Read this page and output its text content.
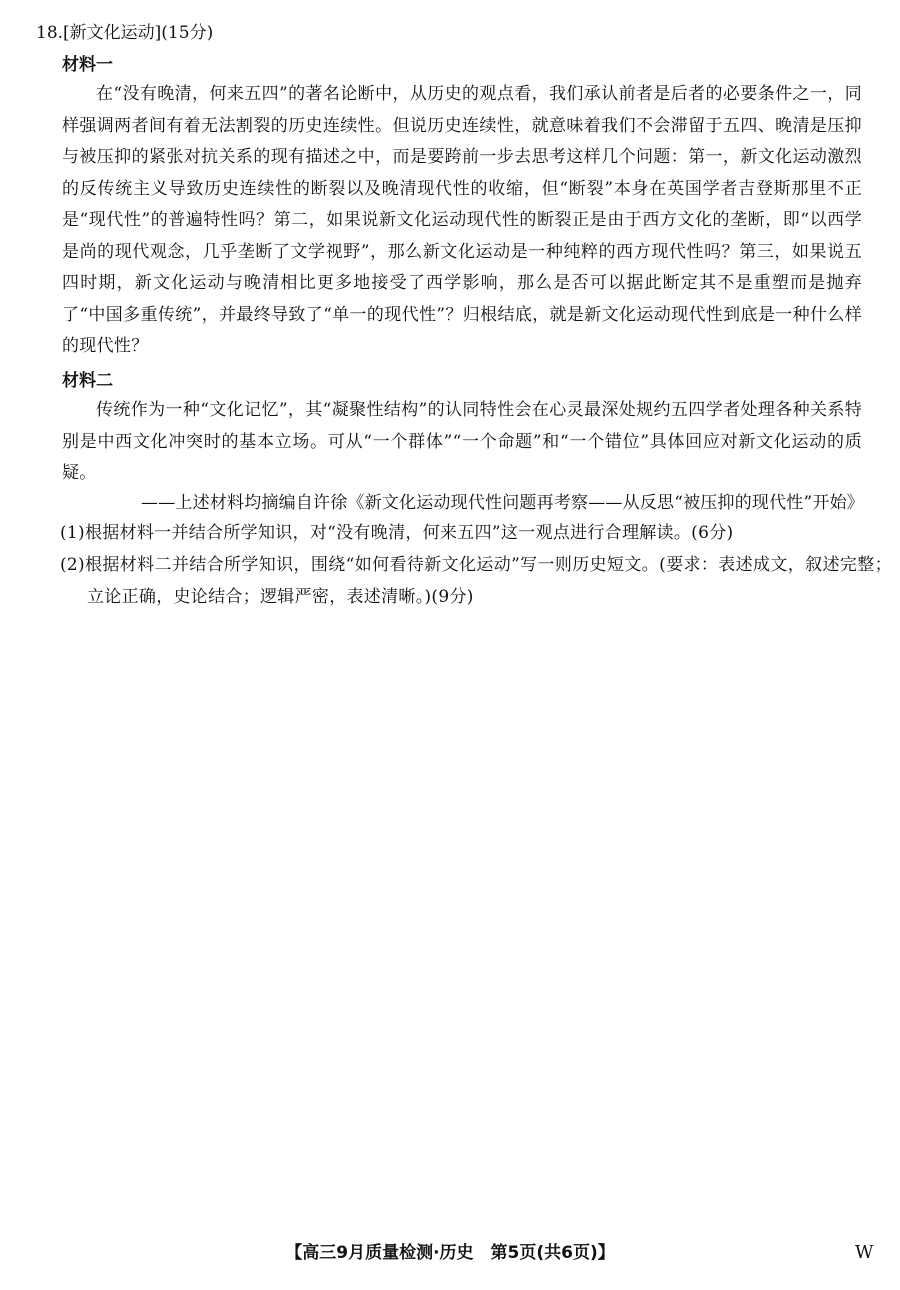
18.[新文化运动](15分)
材料一
在“没有晚清，何来五四”的著名论断中，从历史的观点看，我们承认前者是后者的必要条件之一，同样强调两者间有着无法割裂的历史连续性。但说历史连续性，就意味着我们不会滞留于五四、晚清是压抑与被压抑的紧张对抗关系的现有描述之中，而是要跨前一步去思考这样几个问题：第一，新文化运动激烈的反传统主义导致历史连续性的断裂以及晚清现代性的收缩，但“断裂”本身在英国学者吉登斯那里不正是“现代性”的普遍特性吗？第二，如果说新文化运动现代性的断裂正是由于西方文化的垄断，即“以西学是尚的现代观念，几乎垄断了文学视野”，那么新文化运动是一种纯粹的西方现代性吗？第三，如果说五四时期，新文化运动与晚清相比更多地接受了西学影响，那么是否可以据此断定其不是重塑而是抛弃了“中国多重传统”，并最终导致了“单一的现代性”？归根结底，就是新文化运动现代性到底是一种什么样的现代性？
材料二
传统作为一种“文化记忆”，其“凝聚性结构”的认同特性会在心灵最深处规约五四学者处理各种关系特别是中西文化冲突时的基本立场。可从“一个群体”“一个命题”和“一个错位”具体回应对新文化运动的质疑。
——上述材料均摘编自许徐《新文化运动现代性问题再考察——从反思“被压抑的现代性”开始》
(1)根据材料一并结合所学知识，对“没有晚清，何来五四”这一观点进行合理解读。(6分)
(2)根据材料二并结合所学知识，围绕“如何看待新文化运动”写一则历史短文。(要求：表述成文，叙述完整；立论正确，史论结合；逻辑严密，表述清晰。)(9分)
【高三9月质量检测·历史　第5页(共6页)】	W
